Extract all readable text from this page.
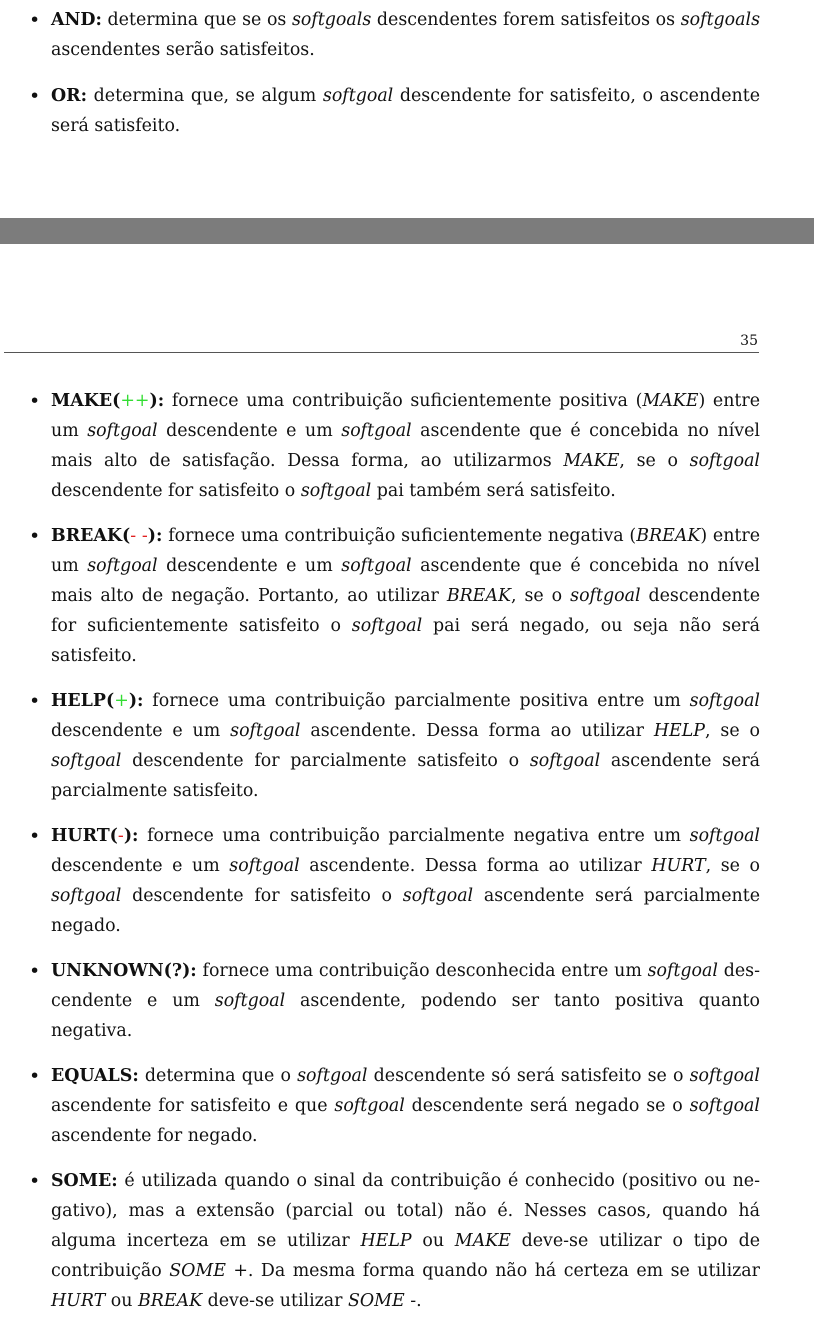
• AND: determina que se os softgoals descendentes forem satisfeitos os softgoals ascendentes serão satisfeitos.
• OR: determina que, se algum softgoal descendente for satisfeito, o ascendente será satisfeito.
35
• MAKE(++): fornece uma contribuição suficientemente positiva (MAKE) entre um softgoal descendente e um softgoal ascendente que é concebida no nível mais alto de satisfação. Dessa forma, ao utilizarmos MAKE, se o softgoal descendente for satisfeito o softgoal pai também será satisfeito.
• BREAK(- -): fornece uma contribuição suficientemente negativa (BREAK) entre um softgoal descendente e um softgoal ascendente que é concebida no nível mais alto de negação. Portanto, ao utilizar BREAK, se o softgoal descendente for suficientemente satisfeito o softgoal pai será negado, ou seja não será satisfeito.
• HELP(+): fornece uma contribuição parcialmente positiva entre um softgoal descendente e um softgoal ascendente. Dessa forma ao utilizar HELP, se o softgoal descendente for parcialmente satisfeito o softgoal ascendente será parcialmente satisfeito.
• HURT(-): fornece uma contribuição parcialmente negativa entre um softgoal descendente e um softgoal ascendente. Dessa forma ao utilizar HURT, se o softgoal descendente for satisfeito o softgoal ascendente será parcialmente negado.
• UNKNOWN(?): fornece uma contribuição desconhecida entre um softgoal descendente e um softgoal ascendente, podendo ser tanto positiva quanto negativa.
• EQUALS: determina que o softgoal descendente só será satisfeito se o softgoal ascendente for satisfeito e que softgoal descendente será negado se o softgoal ascendente for negado.
• SOME: é utilizada quando o sinal da contribuição é conhecido (positivo ou negativo), mas a extensão (parcial ou total) não é. Nesses casos, quando há alguma incerteza em se utilizar HELP ou MAKE deve-se utilizar o tipo de contribuição SOME +. Da mesma forma quando não há certeza em se utilizar HURT ou BREAK deve-se utilizar SOME -.
